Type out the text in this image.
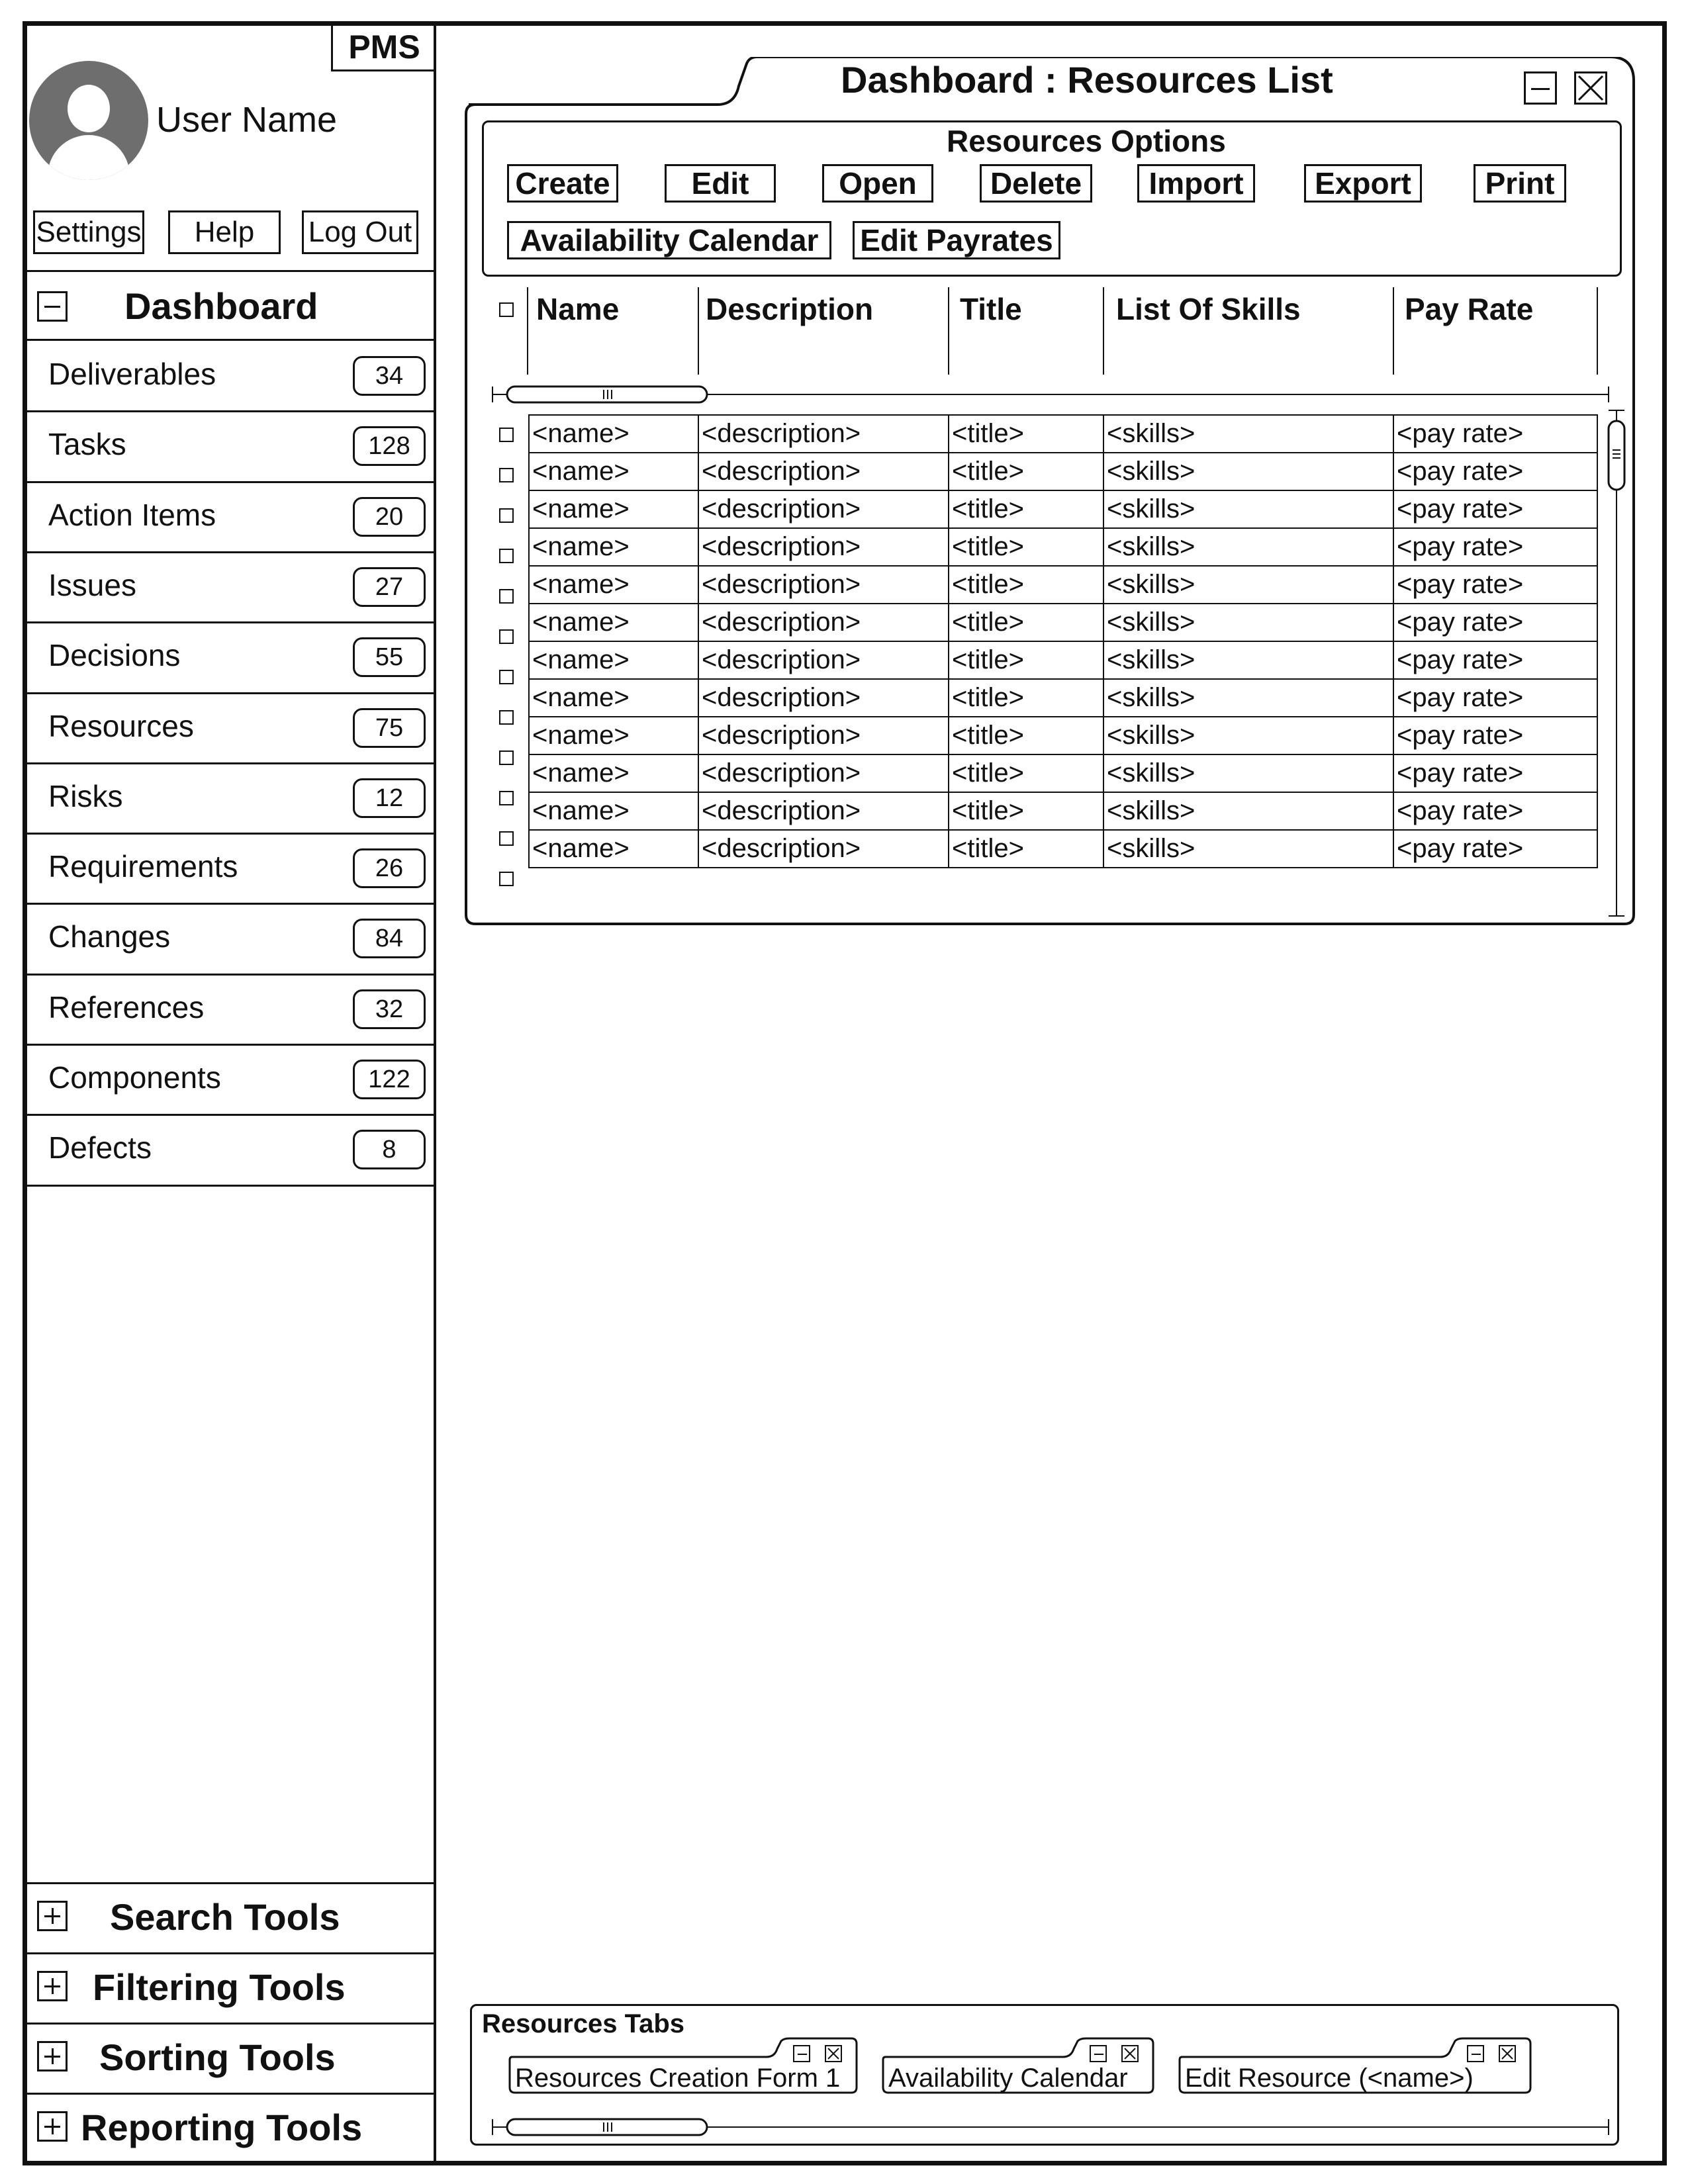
PMS
User Name
Settings	Help	Log Out
Dashboard
Dashboard : Resources List
Resources Options
Create	Edit	Open	Delete	Import	Export	Print
Availability Calendar	Edit Payrates
Name	Description	Title	List Of Skills	Pay Rate
<name>	<description>	<title>	<skills>	<pay rate>
<name>	<description>	<title>	<skills>	<pay rate>
<name>	<description>	<title>	<skills>	<pay rate>
<name>	<description>	<title>	<skills>	<pay rate>
<name>	<description>	<title>	<skills>	<pay rate>
<name>	<description>	<title>	<skills>	<pay rate>
<name>	<description>	<title>	<skills>	<pay rate>
<name>	<description>	<title>	<skills>	<pay rate>
<name>	<description>	<title>	<skills>	<pay rate>
<name>	<description>	<title>	<skills>	<pay rate>
<name>	<description>	<title>	<skills>	<pay rate>
<name>	<description>	<title>	<skills>	<pay rate>
Resources Tabs
Deliverables	34
Tasks	128
Action Items	20
Issues	27
Decisions	55
Resources	75
Risks	12
Requirements	26
Changes	84
References	32
Components	122
Defects	8
Search Tools
Filtering Tools
Sorting Tools
Reporting Tools
Resources Creation Form 1 Availability Calendar Edit Resource (<name>)
